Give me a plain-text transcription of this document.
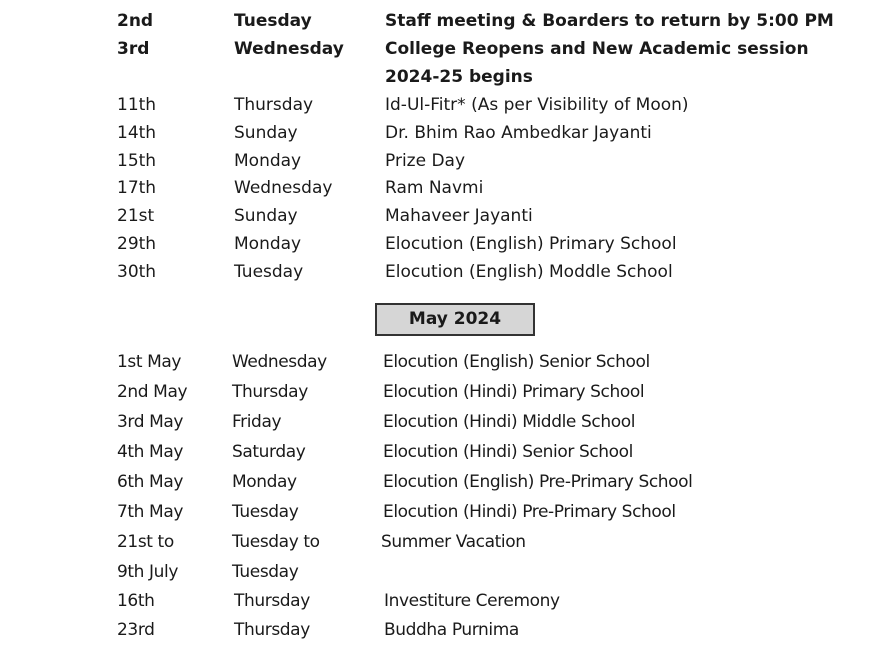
2nd	Tuesday	Staff meeting & Boarders to return by 5:00 PM
3rd	Wednesday College Reopens and New Academic session
2024-25 begins
11th	Thursday	Id-Ul-Fitr* (As per Visibility of Moon)
14th	Sunday	Dr. Bhim Rao Ambedkar Jayanti
15th	Monday	Prize Day
17th	Wednesday	Ram Navmi
21st	Sunday	Mahaveer Jayanti
29th	Monday	Elocution (English) Primary School
30th	Tuesday	Elocution (English) Moddle School
May 2024
1st May	Wednesday	Elocution (English) Senior School
2nd May	Thursday	Elocution (Hindi) Primary School
3rd May	Friday	Elocution (Hindi) Middle School
4th May	Saturday	Elocution (Hindi) Senior School
6th May	Monday	Elocution (English) Pre-Primary School
7th May	Tuesday	Elocution (Hindi) Pre-Primary School
21st to	Tuesday to	Summer Vacation
9th July	Tuesday
16th	Thursday	Investiture Ceremony
23rd	Thursday	Buddha Purnima
